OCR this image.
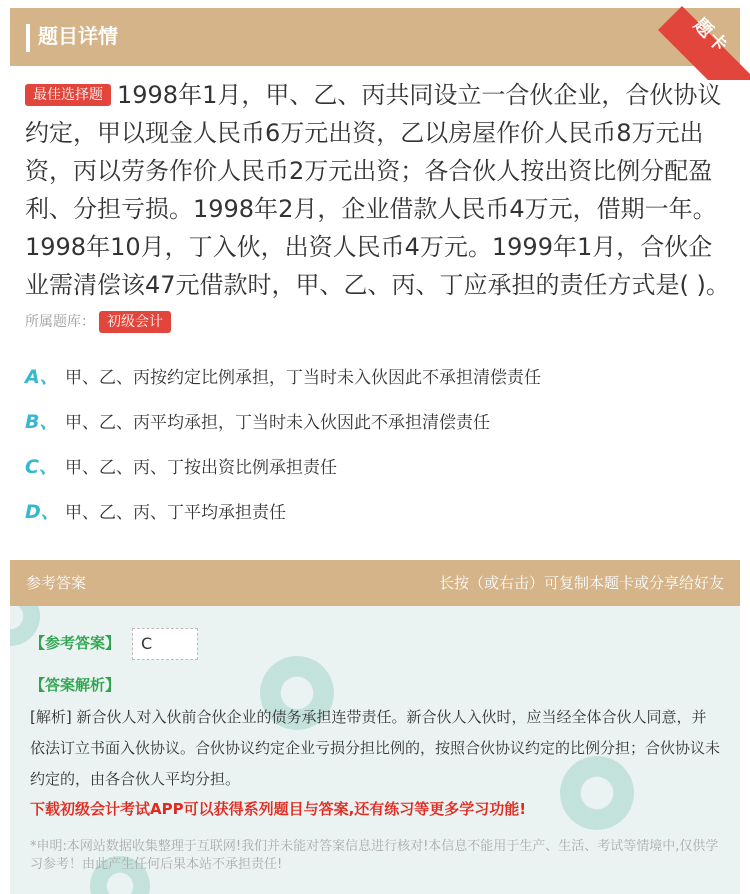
题目详情	题卡
最佳选择题 1998年1月，甲、乙、丙共同设立一合伙企业，合伙协议约定，甲以现金人民币6万元出资，乙以房屋作价人民币8万元出资，丙以劳务作价人民币2万元出资；各合伙人按出资比例分配盈利、分担亏损。1998年2月，企业借款人民币4万元，借期一年。1998年10月，丁入伙，出资人民币4万元。1999年1月，合伙企业需清偿该47元借款时，甲、乙、丙、丁应承担的责任方式是( )。
所属题库： 初级会计
A、 甲、乙、丙按约定比例承担，丁当时未入伙因此不承担清偿责任
B、 甲、乙、丙平均承担，丁当时未入伙因此不承担清偿责任
C、 甲、乙、丙、丁按出资比例承担责任
D、 甲、乙、丙、丁平均承担责任
参考答案	长按（或右击）可复制本题卡或分享给好友
【参考答案】	C
【答案解析】
[解析] 新合伙人对入伙前合伙企业的债务承担连带责任。新合伙人入伙时，应当经全体合伙人同意，并依法订立书面入伙协议。合伙协议约定企业亏损分担比例的，按照合伙协议约定的比例分担；合伙协议未约定的，由各合伙人平均分担。
下载初级会计考试APP可以获得系列题目与答案,还有练习等更多学习功能!
*申明:本网站数据收集整理于互联网!我们并未能对答案信息进行核对!本信息不能用于生产、生活、考试等情境中,仅供学习参考！由此产生任何后果本站不承担责任!
